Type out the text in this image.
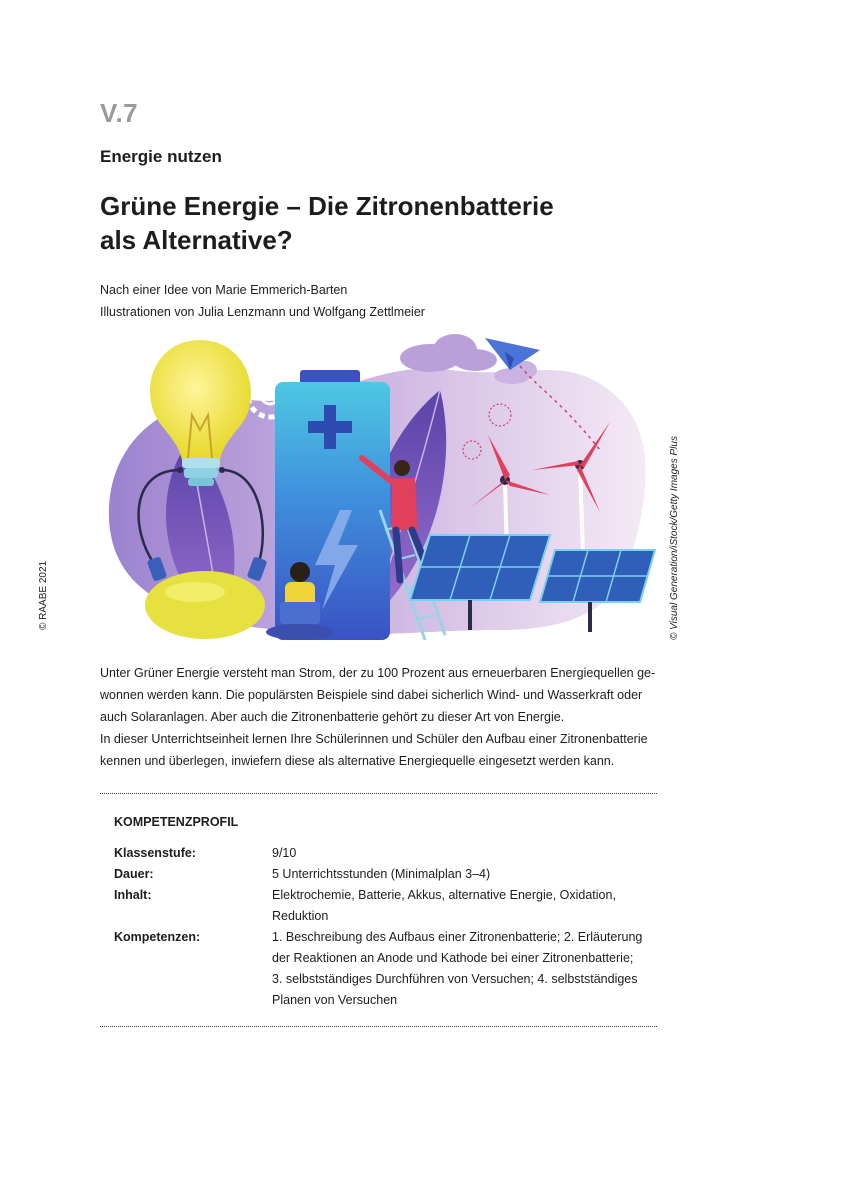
V.7
Energie nutzen
Grüne Energie – Die Zitronenbatterie
als Alternative?
Nach einer Idee von Marie Emmerich-Barten
Illustrationen von Julia Lenzmann und Wolfgang Zettlmeier
© RAABE 2021	© Visual Generation/iStock/Getty Images Plus
Unter Grüner Energie versteht man Strom, der zu 100 Prozent aus erneuerbaren Energiequellen ge-
wonnen werden kann. Die populärsten Beispiele sind dabei sicherlich Wind- und Wasserkraft oder
auch Solaranlagen. Aber auch die Zitronenbatterie gehört zu dieser Art von Energie.
In dieser Unterrichtseinheit lernen Ihre Schülerinnen und Schüler den Aufbau einer Zitronenbatterie
kennen und überlegen, inwiefern diese als alternative Energiequelle eingesetzt werden kann.
KOMPETENZPROFIL
Klassenstufe:	9/10
Dauer:	5 Unterrichtsstunden (Minimalplan 3–4)
Inhalt:	Elektrochemie, Batterie, Akkus, alternative Energie, Oxidation,
Reduktion
Kompetenzen:	1. Beschreibung des Aufbaus einer Zitronenbatterie; 2. Erläuterung
der Reaktionen an Anode und Kathode bei einer Zitronenbatterie;
3. selbstständiges Durchführen von Versuchen; 4. selbstständiges
Planen von Versuchen
